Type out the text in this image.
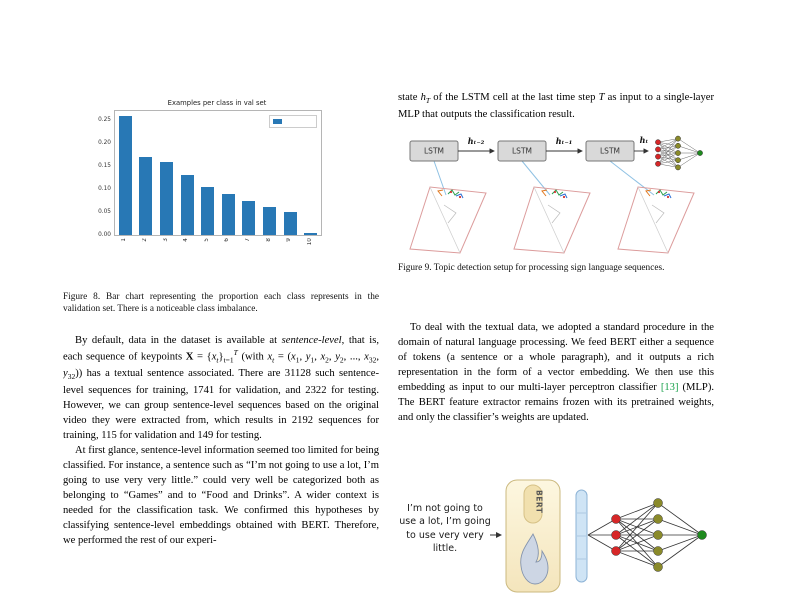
Examples per class in val set
0.00
0.05
0.10
0.15
0.20
0.25
1	2	3	4	5	6	7	8	9	10
Figure 8. Bar chart representing the proportion each class represents in the validation set. There is a noticeable class imbalance.

By default, data in the dataset is available at sentence-level, that is, each sequence of keypoints $X = \{x_t\}_{t=1}^T$ (with $x_t = (x_1$, $y_1$, $x_2$, $y_2$, ..., $x_{32}$, $y_{32}$)) has a textual sentence associated. There are 31128 such sentence-level sequences for training, 1741 for validation, and 2322 for testing. However, we can group sentence-level sequences based on the original video they were extracted from, which results in 2192 sequences for training, 115 for validation and 149 for testing.

At first glance, sentence-level information seemed too limited for being classified. For instance, a sentence such as “I’m not going to use a lot, I’m going to use very very little.” could very well be categorized both as belonging to “Games” and to “Food and Drinks”. A wider context is needed for the classification task. We confirmed this hypotheses by classifying sentence-level embeddings obtained with BERT. Therefore, we performed the rest of our experi-

state $h_T$ of the LSTM cell at the last time step T as input to a single-layer MLP that outputs the classification result.

LSTM	LSTM	LSTM
hₜ₋₂	hₜ₋₁	hₜ
Figure 9. Topic detection setup for processing sign language sequences.

To deal with the textual data, we adopted a standard procedure in the domain of natural language processing. We feed BERT either a sequence of tokens (a sentence or a whole paragraph), and it outputs a rich representation in the form of a vector embedding. We then use this embedding as input to our multi-layer perceptron classifier [13] (MLP). The BERT feature extractor remains frozen with its pretrained weights, and only the classifier’s weights are updated.

I’m not going to use a lot, I’m going to use very very little.
BERT
